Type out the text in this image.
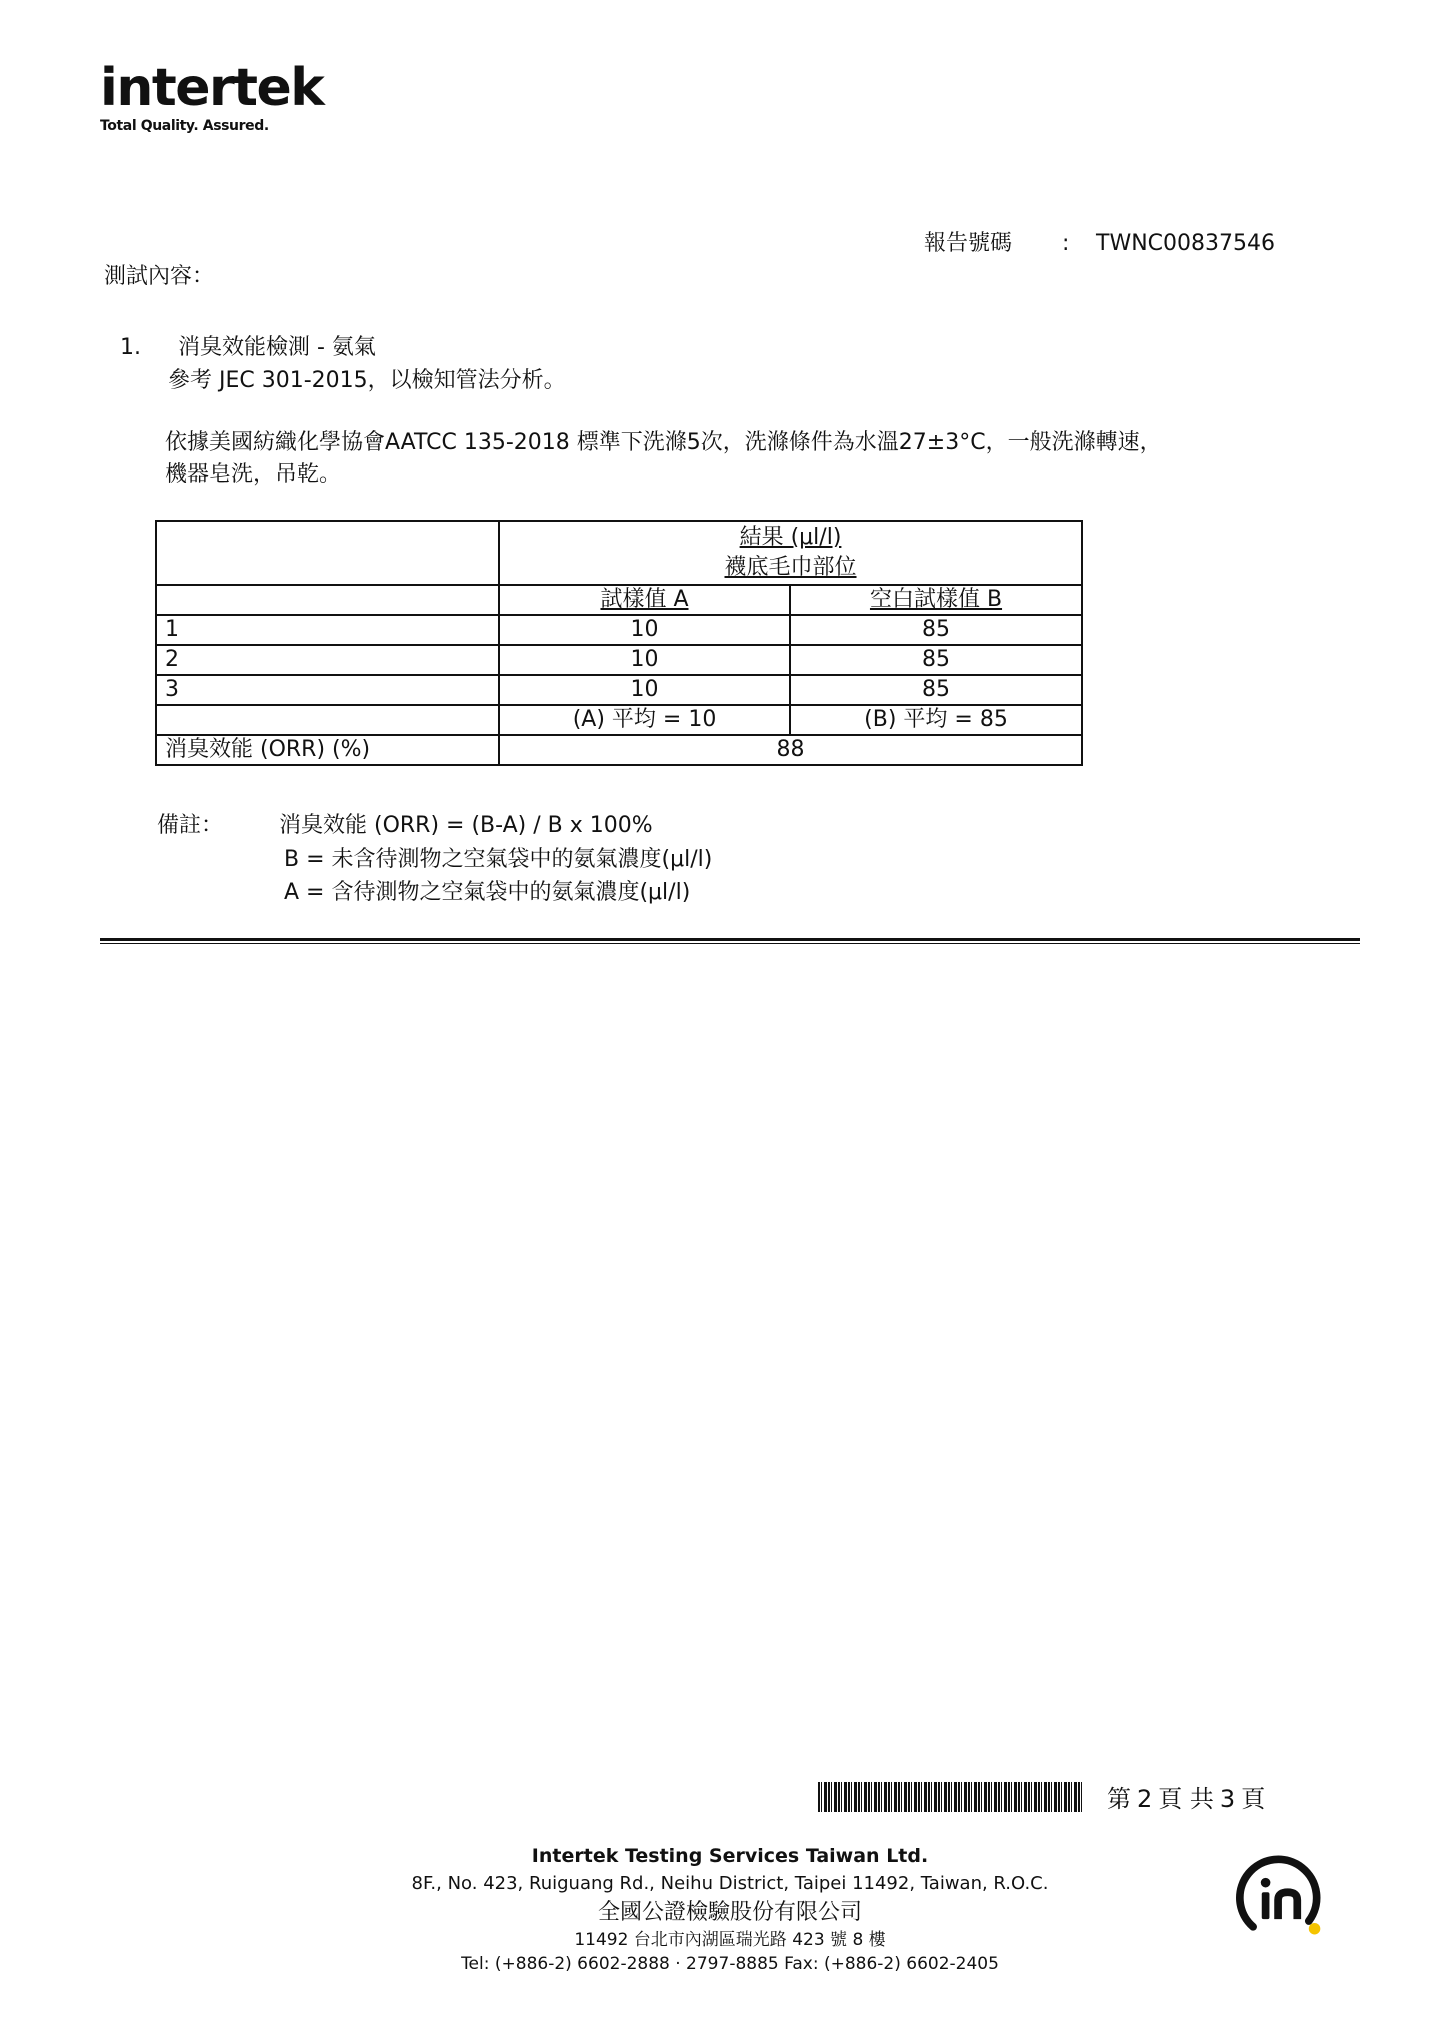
intertek
Total Quality. Assured.
報告號碼 : TWNC00837546
測試內容：
1. 消臭效能檢測 - 氨氣
參考 JEC 301-2015，以檢知管法分析。
依據美國紡織化學協會AATCC 135-2018 標準下洗滌5次，洗滌條件為水溫27±3°C，一般洗滌轉速，
機器皂洗，吊乾。

	結果 (μl/l)
襪底毛巾部位	

	試樣值 A	空白試樣值 B
1	10	85
2	10	85
3	10	85
	(A) 平均 = 10	(B) 平均 = 85
消臭效能 (ORR) (%)	88	
備註：	消臭效能 (ORR) = (B-A) / B x 100%
B = 未含待測物之空氣袋中的氨氣濃度(μl/l)
A = 含待測物之空氣袋中的氨氣濃度(μl/l)
第 2 頁 共 3 頁
Intertek Testing Services Taiwan Ltd.
8F., No. 423, Ruiguang Rd., Neihu District, Taipei 11492, Taiwan, R.O.C.
全國公證檢驗股份有限公司
11492 台北市內湖區瑞光路 423 號 8 樓
Tel: (+886-2) 6602-2888 · 2797-8885 Fax: (+886-2) 6602-2405
